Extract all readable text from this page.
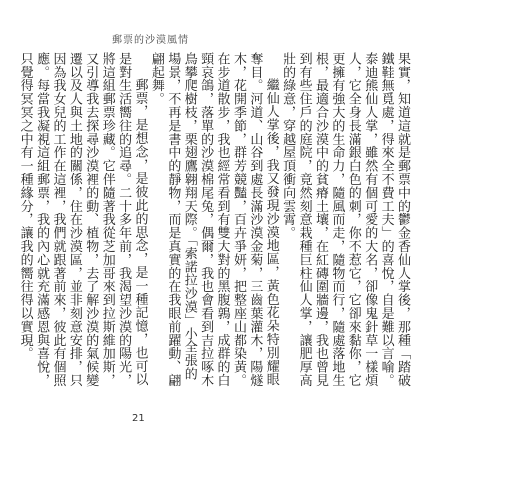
郵票的沙漠風情

果實，知道這就是郵票中的鬱金香仙人掌後，那種「踏破鐵鞋無覓處，得來全不費工夫」的喜悅，自是難以言喻。泰迪熊仙人掌，雖然有個可愛的大名，卻像鬼針草一樣煩人，它全身長滿銀白色的刺，你不惹它，它卻來黏你，它更擁有強大的生命力，隨風而走，隨物而行，隨處落地生根，最適合沙漠中的貧瘠土壤，在紅磚圍牆邊，我也曾見到有些住戶的庭院，竟然刻意栽種巨柱仙人掌，讓肥厚高壯的綠意，穿越屋頂衝向雲霄。

繼仙人掌後，我又發現沙漠地區，黃色花朵特別耀眼奪目。河道、山谷到處長滿沙漠金菊，三齒葉灌木，陽燧木，花開季節，群芳競豔，百卉爭妍，把整座山都染黃。在步道散步，我也經常看到有雙大對的黑腹鶉，成群的白頸哀鴿，落單的沙漠棉尾兔，偶爾，我也會看到吉拉啄木鳥攀爬樹枝，栗翅鷹翱翔天際。「索諾拉沙漠」小全張的場景，不再是書中的靜物，而是真實的在我眼前躍動、翩翩起舞。

郵票，是想念，是彼此的思念，是一種記憶，也可以是對生活嚮往的追尋。二十多年前，我渴望沙漠的陽光，將這組郵票珍藏。它伴隨著我從芝加哥來到拉斯維加斯，又引導我去探尋沙漠裡的動、植物，去了解沙漠的氣候變遷以及人與土地的關係，住在沙漠區，並非刻意安排，只因為我女兒的工作在這裡，我們就跟著前來，彼此有個照應。每當我凝視這組郵票，我的內心就充滿感恩與喜悅，只覺得冥冥之中有一種緣分，讓我的嚮往得以實現。

21
